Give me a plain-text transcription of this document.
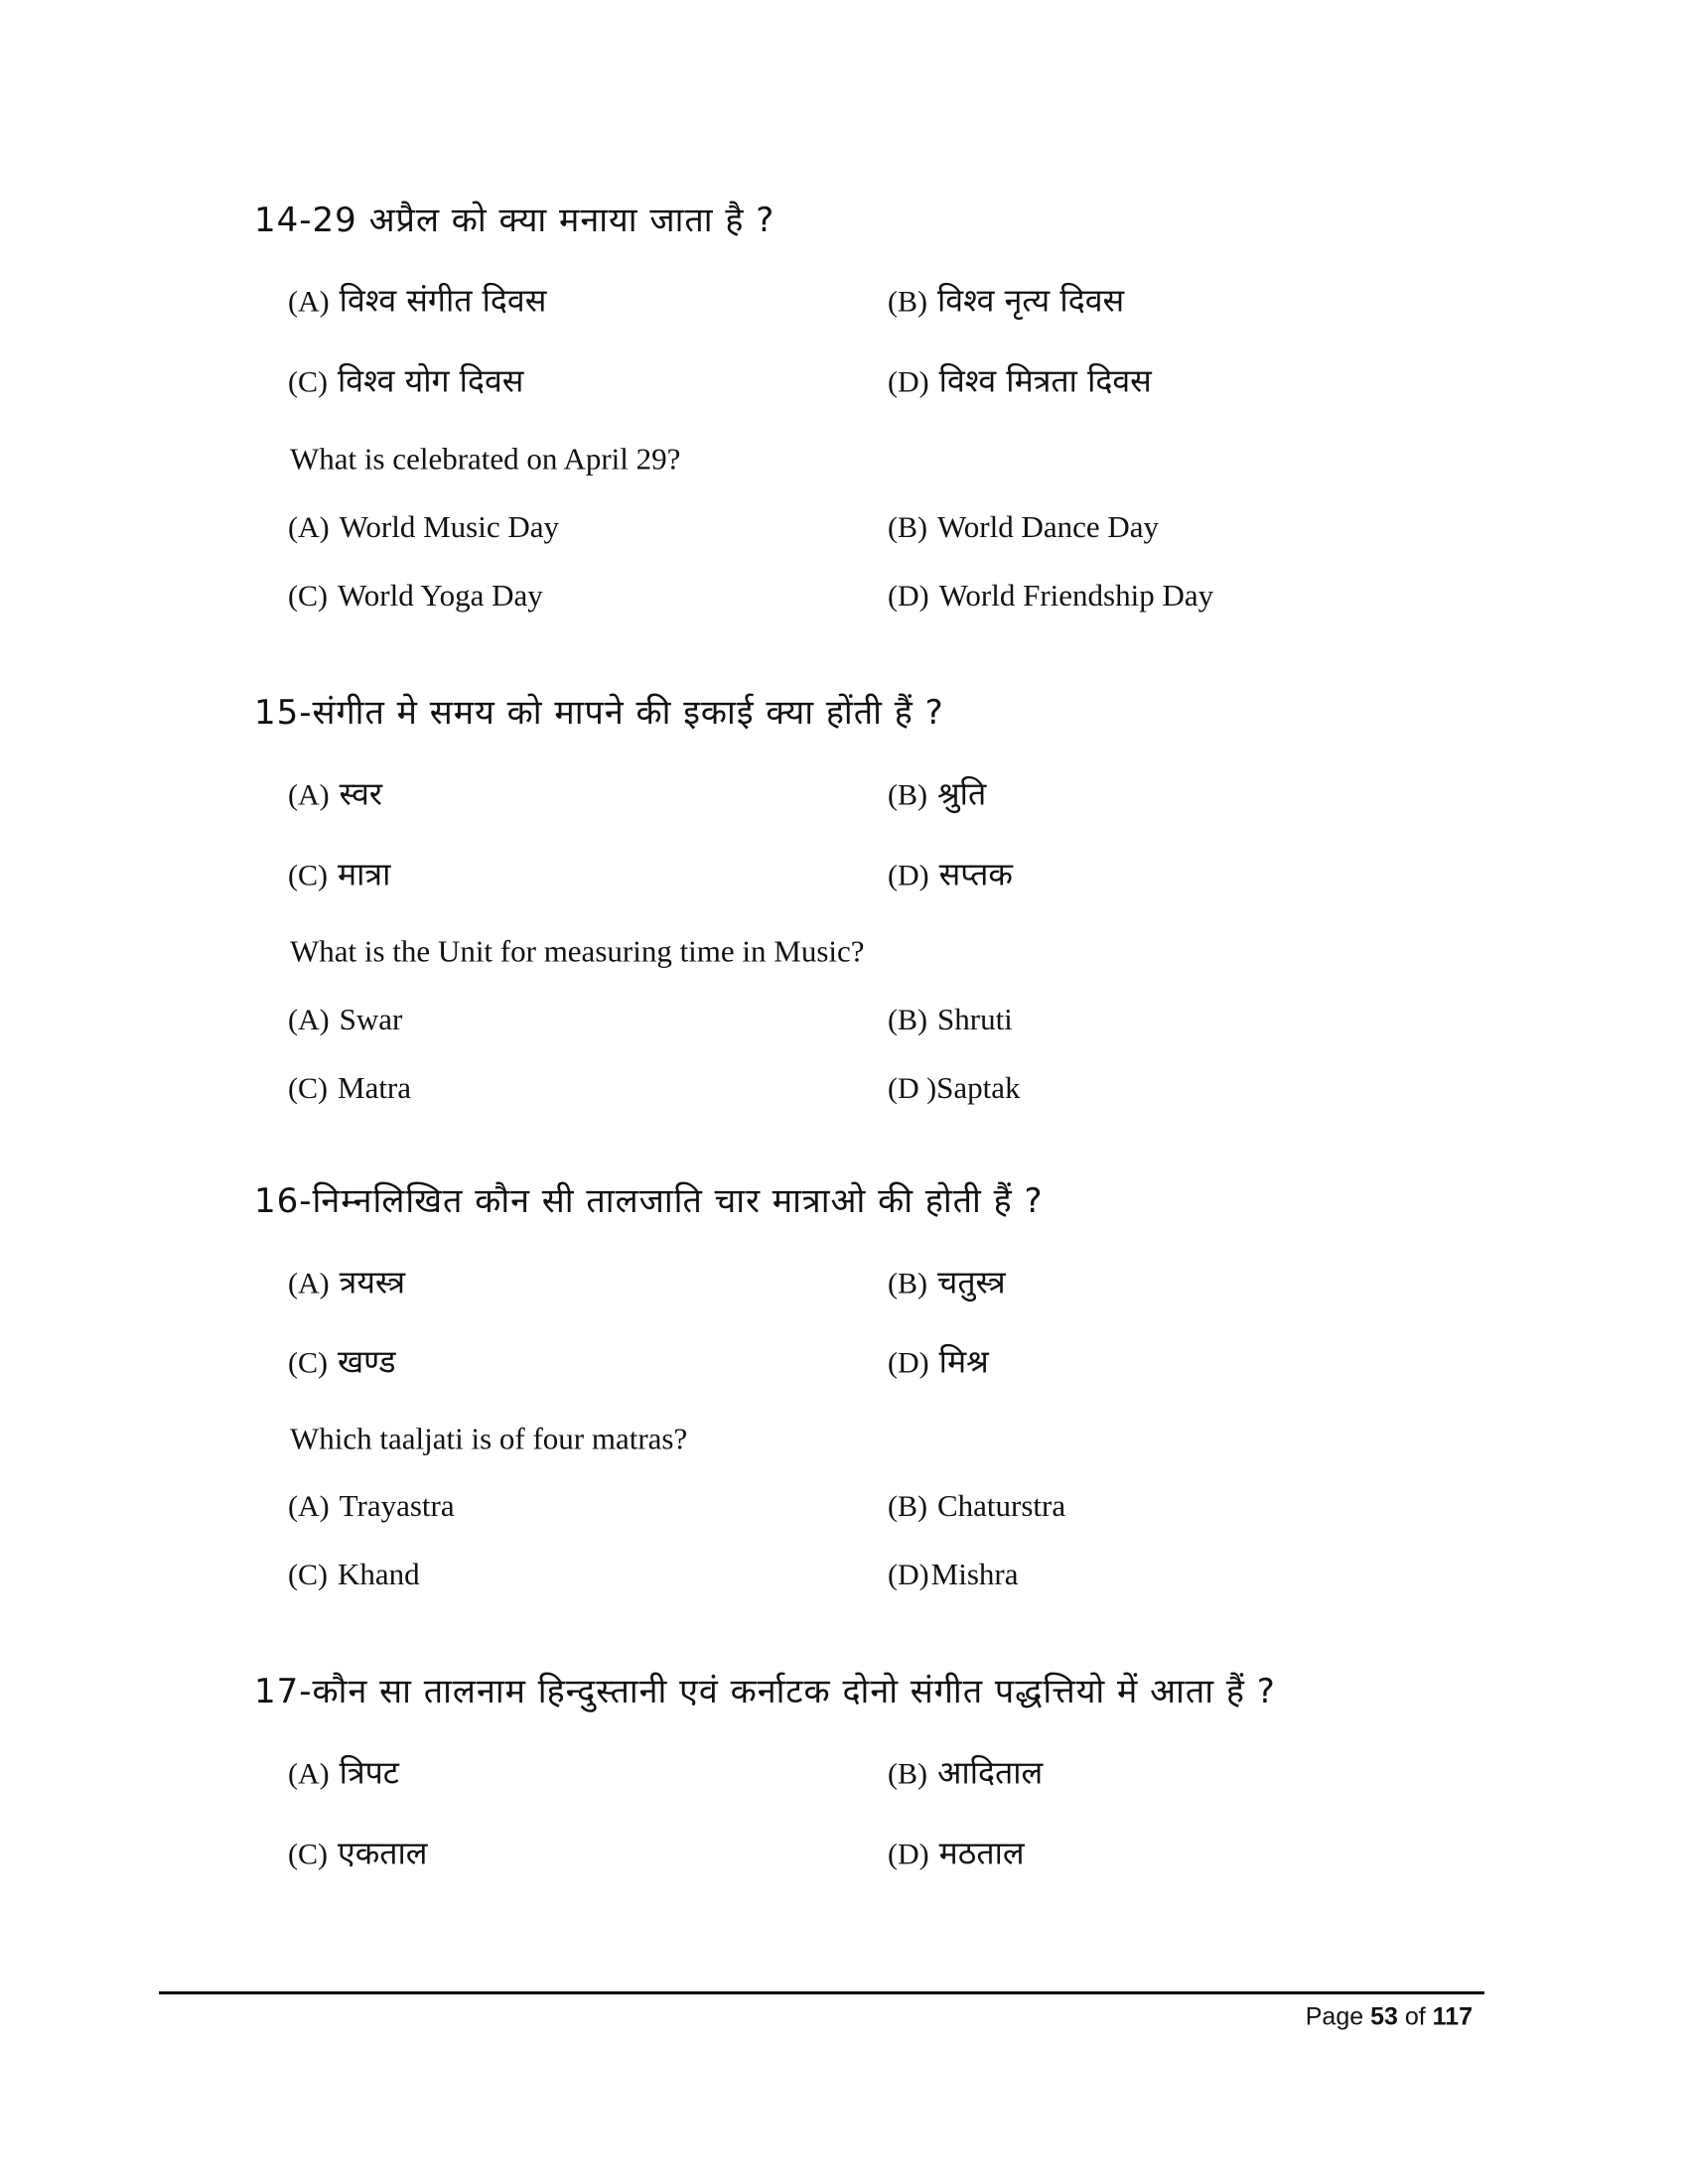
14-29 अप्रैल को क्या मनाया जाता है ?
(A) विश्व संगीत दिवस	(B) विश्व नृत्य दिवस
(C) विश्व योग दिवस	(D) विश्व मित्रता दिवस
What is celebrated on April 29?
(A) World Music Day	(B) World Dance Day
(C) World Yoga Day	(D) World Friendship Day
15-संगीत मे समय को मापने की इकाई क्या होंती हैं ?
(A) स्वर	(B) श्रुति
(C) मात्रा	(D) सप्तक
What is the Unit for measuring time in Music?
(A) Swar	(B) Shruti
(C) Matra	(D )Saptak
16-निम्नलिखित कौन सी तालजाति चार मात्राओ की होती हैं ?
(A) त्रयस्त्र	(B) चतुस्त्र
(C) खण्ड	(D) मिश्र
Which taaljati is of four matras?
(A) Trayastra	(B) Chaturstra
(C) Khand	(D)Mishra
17-कौन सा तालनाम हिन्दुस्तानी एवं कर्नाटक दोनो संगीत पद्धत्तियो में आता हैं ?
(A) त्रिपट	(B) आदिताल
(C) एकताल	(D) मठताल
Page 53 of 117
